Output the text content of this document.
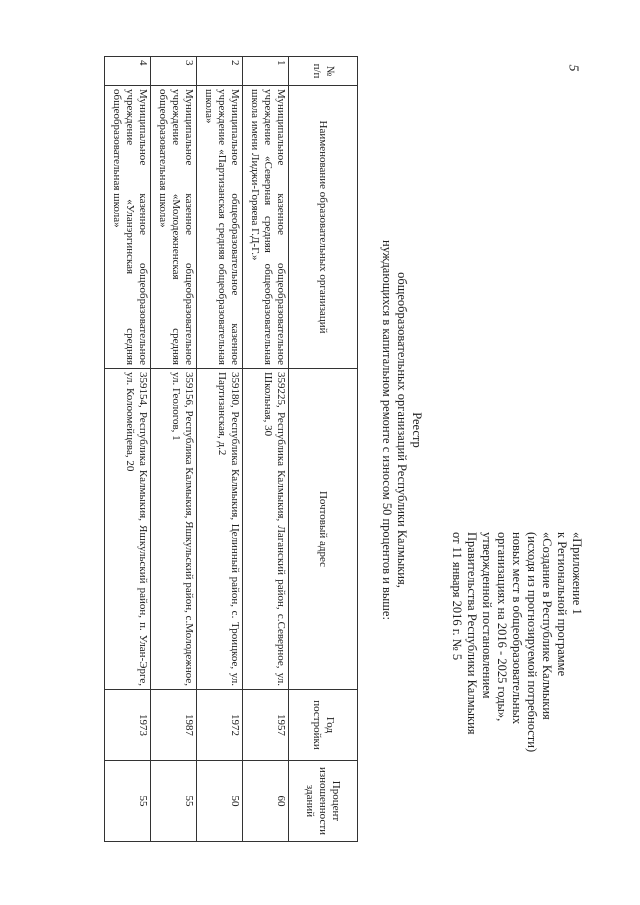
5
«Приложение 1
к Региональной программе
«Создание в Республике Калмыкия
(исходя из прогнозируемой потребности)
новых мест в общеобразовательных
организациях на 2016 - 2025 годы»,
утвержденной постановлением
Правительства Республики Калмыкия
от 11 января 2016 г. № 5
Реестр
общеобразовательных организаций Республики Калмыкия,
нуждающихся в капитальном ремонте с износом 50 процентов и выше:
№ п/п	Наименование образовательных организаций	Почтовый адрес	Год постройки	Процент изношенности зданий
1	Муниципальное казенное общеобразовательное учреждение «Северная средняя общеобразовательная школа имени Лиджи-Горяева Г.Д-Г.»	359225, Республика Калмыкия, Лаганский район, с.Северное, ул. Школьная, 30	1957	60
2	Муниципальное общеобразовательное казенное учреждение «Партизанская средняя общеобразовательная школа»	359180, Республика Калмыкия, Целинный район, с. Троицкое, ул. Партизанская, д.2	1972	50
3	Муниципальное казенное общеобразовательное учреждение «Молодежненская средняя общеобразовательная школа»	359156, Республика Калмыкия, Яшкульский район, с.Молодежное, ул. Геологов, 1	1987	55
4	Муниципальное казенное общеобразовательное учреждение «Уланэргинская средняя общеобразовательная школа»	359154, Республика Калмыкия, Яшкульский район, п. Улан-Эрге, ул. Колоомейцева, 20	1973	55
